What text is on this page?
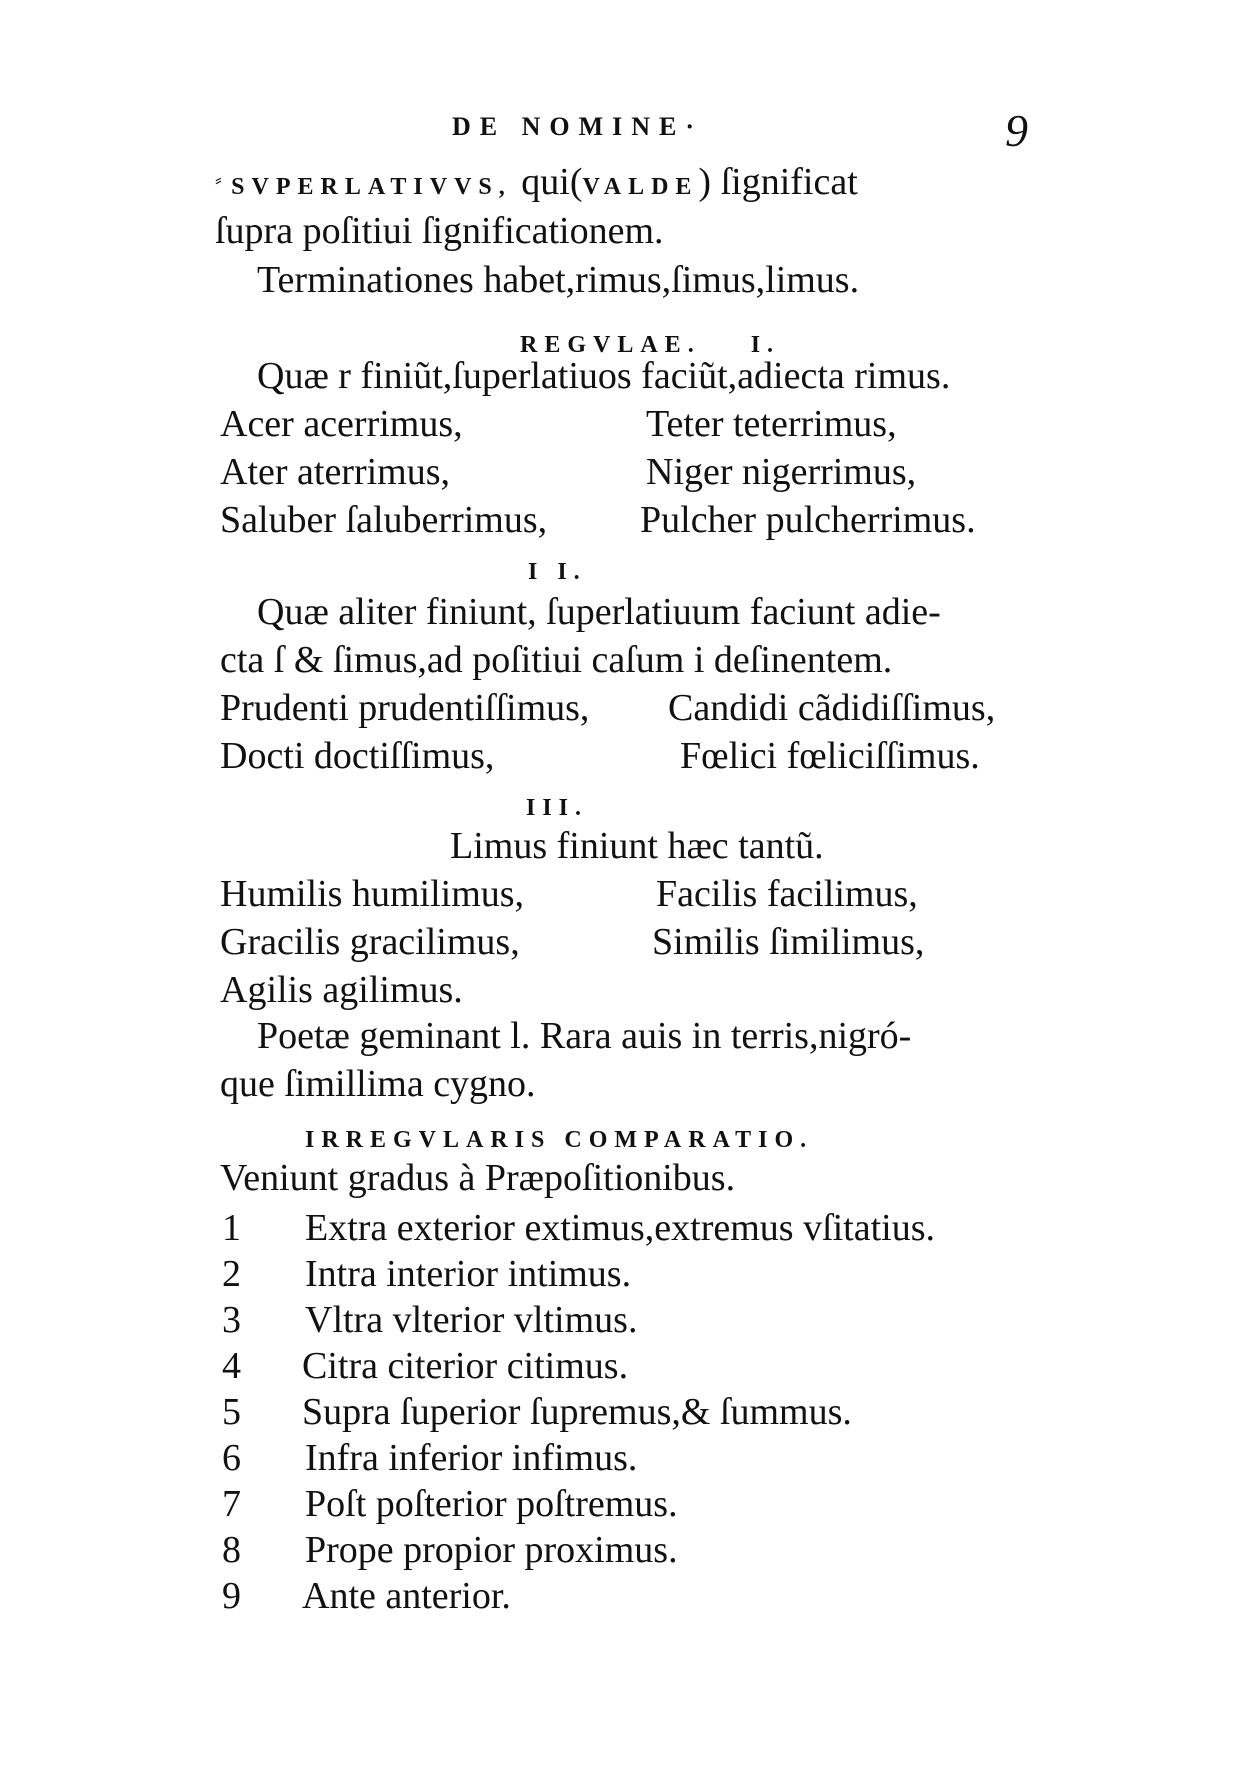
DE NOMINE·	9
⸗ SVPERLATIVVS, qui(VALDE) ſignificat
ſupra poſitiui ſignificationem.
Terminationes habet,rimus,ſimus,limus.
REGVLAE. I.
Quæ r finiũt,ſuperlatiuos faciũt,adiecta rimus.
Acer acerrimus,	Teter teterrimus,
Ater aterrimus,	Niger nigerrimus,
Saluber ſaluberrimus, Pulcher pulcherrimus.
I I.
Quæ aliter finiunt, ſuperlatiuum faciunt adie-
cta ſ & ſimus,ad poſitiui caſum i deſinentem.
Prudenti prudentiſſimus, Candidi cãdidiſſimus,
Docti doctiſſimus,	Fœlici fœliciſſimus.
III.
Limus finiunt hæc tantũ.
Humilis humilimus,	Facilis facilimus,
Gracilis gracilimus,	Similis ſimilimus,
Agilis agilimus.
Poetæ geminant l. Rara auis in terris,nigró-
que ſimillima cygno.
IRREGVLARIS COMPARATIO.
Veniunt gradus à Præpoſitionibus.
1	Extra exterior extimus,extremus vſitatius.
2	Intra interior intimus.
3	Vltra vlterior vltimus.
4	Citra citerior citimus.
5	Supra ſuperior ſupremus,& ſummus.
6	Infra inferior infimus.
7	Poſt poſterior poſtremus.
8	Prope propior proximus.
9	Ante anterior.
